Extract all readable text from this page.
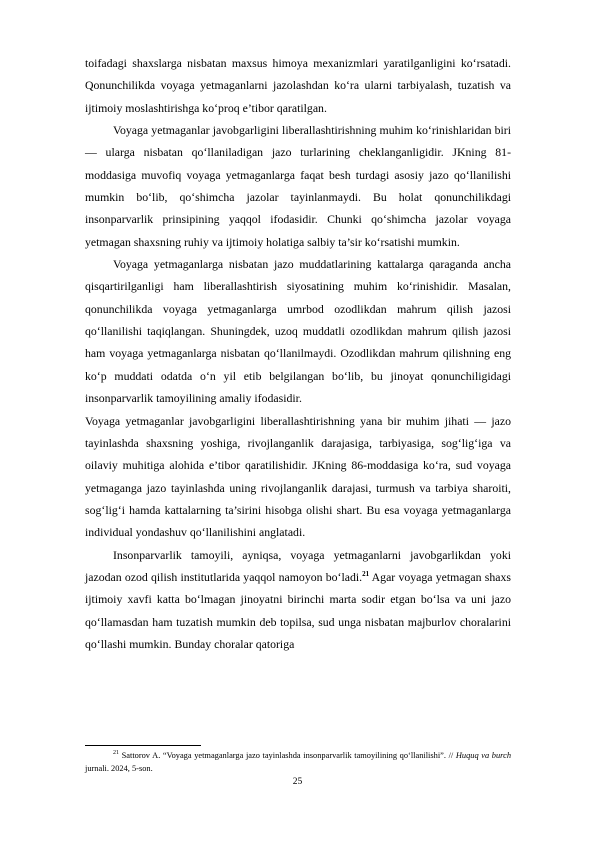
toifadagi shaxslarga nisbatan maxsus himoya mexanizmlari yaratilganligini ko‘rsatadi. Qonunchilikda voyaga yetmaganlarni jazolashdan ko‘ra ularni tarbiyalash, tuzatish va ijtimoiy moslashtirishga ko‘proq e’tibor qaratilgan.

Voyaga yetmaganlar javobgarligini liberallashtirishning muhim ko‘rinishlaridan biri — ularga nisbatan qo‘llaniladigan jazo turlarining cheklanganligidir. JKning 81-moddasiga muvofiq voyaga yetmaganlarga faqat besh turdagi asosiy jazo qo‘llanilishi mumkin bo‘lib, qo‘shimcha jazolar tayinlanmaydi. Bu holat qonunchilikdagi insonparvarlik prinsipining yaqqol ifodasidir. Chunki qo‘shimcha jazolar voyaga yetmagan shaxsning ruhiy va ijtimoiy holatiga salbiy ta’sir ko‘rsatishi mumkin.

Voyaga yetmaganlarga nisbatan jazo muddatlarining kattalarga qaraganda ancha qisqartirilganligi ham liberallashtirish siyosatining muhim ko‘rinishidir. Masalan, qonunchilikda voyaga yetmaganlarga umrbod ozodlikdan mahrum qilish jazosi qo‘llanilishi taqiqlangan. Shuningdek, uzoq muddatli ozodlikdan mahrum qilish jazosi ham voyaga yetmaganlarga nisbatan qo‘llanilmaydi. Ozodlikdan mahrum qilishning eng ko‘p muddati odatda o‘n yil etib belgilangan bo‘lib, bu jinoyat qonunchiligidagi insonparvarlik tamoyilining amaliy ifodasidir.

Voyaga yetmaganlar javobgarligini liberallashtirishning yana bir muhim jihati — jazo tayinlashda shaxsning yoshiga, rivojlanganlik darajasiga, tarbiyasiga, sog‘lig‘iga va oilaviy muhitiga alohida e’tibor qaratilishidir. JKning 86-moddasiga ko‘ra, sud voyaga yetmaganga jazo tayinlashda uning rivojlanganlik darajasi, turmush va tarbiya sharoiti, sog‘lig‘i hamda kattalarning ta’sirini hisobga olishi shart. Bu esa voyaga yetmaganlarga individual yondashuv qo‘llanilishini anglatadi.

Insonparvarlik tamoyili, ayniqsa, voyaga yetmaganlarni javobgarlikdan yoki jazodan ozod qilish institutlarida yaqqol namoyon bo‘ladi.$^{21}$ Agar voyaga yetmagan shaxs ijtimoiy xavfi katta bo‘lmagan jinoyatni birinchi marta sodir etgan bo‘lsa va uni jazo qo‘llamasdan ham tuzatish mumkin deb topilsa, sud unga nisbatan majburlov choralarini qo‘llashi mumkin. Bunday choralar qatoriga

$^{21}$ Sattorov A. “Voyaga yetmaganlarga jazo tayinlashda insonparvarlik tamoyilining qo‘llanilishi”. // Huquq va burch jurnali. 2024, 5-son.

25
